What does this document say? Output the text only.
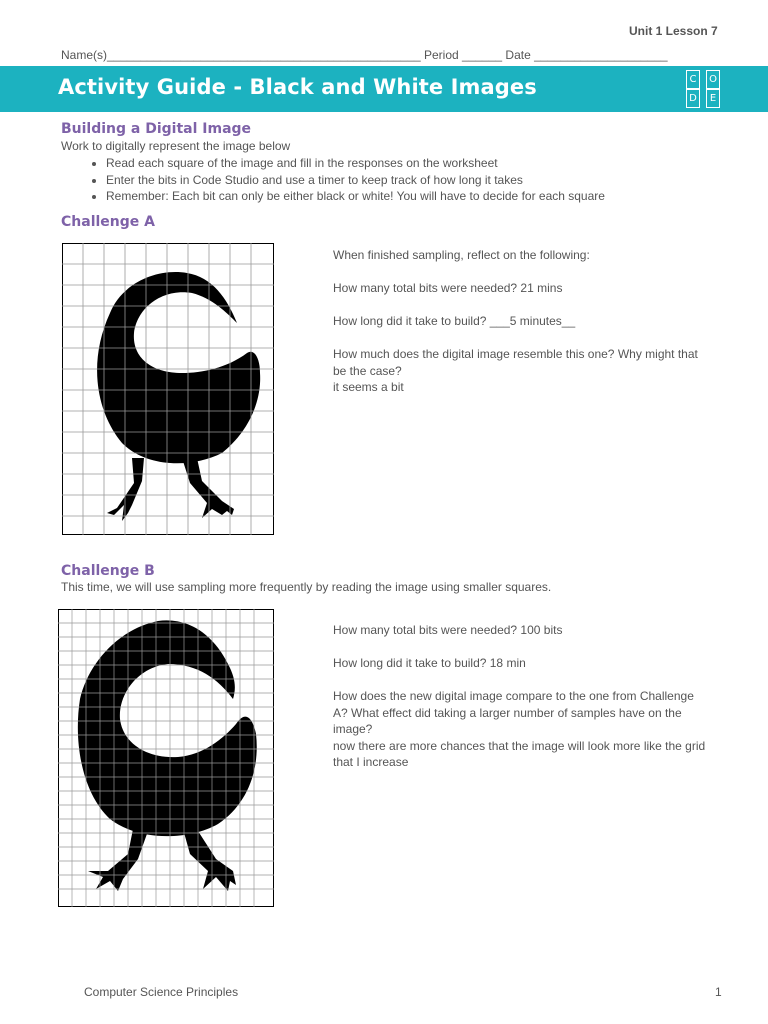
Unit 1 Lesson 7
Name(s)_______________________________________________ Period ______ Date ____________________
Activity Guide - Black and White Images	C	O
D	E
Building a Digital Image
Work to digitally represent the image below
• Read each square of the image and fill in the responses on the worksheet
• Enter the bits in Code Studio and use a timer to keep track of how long it takes
• Remember: Each bit can only be either black or white! You will have to decide for each square
Challenge A
When finished sampling, reflect on the following:
How many total bits were needed? 21 mins
How long did it take to build? ___5 minutes__
How much does the digital image resemble this one? Why might that
be the case?
it seems a bit
Challenge B
This time, we will use sampling more frequently by reading the image using smaller squares.
How many total bits were needed? 100 bits
How long did it take to build? 18 min
How does the new digital image compare to the one from Challenge
A? What effect did taking a larger number of samples have on the
image?
now there are more chances that the image will look more like the grid
that I increase
Computer Science Principles	1
